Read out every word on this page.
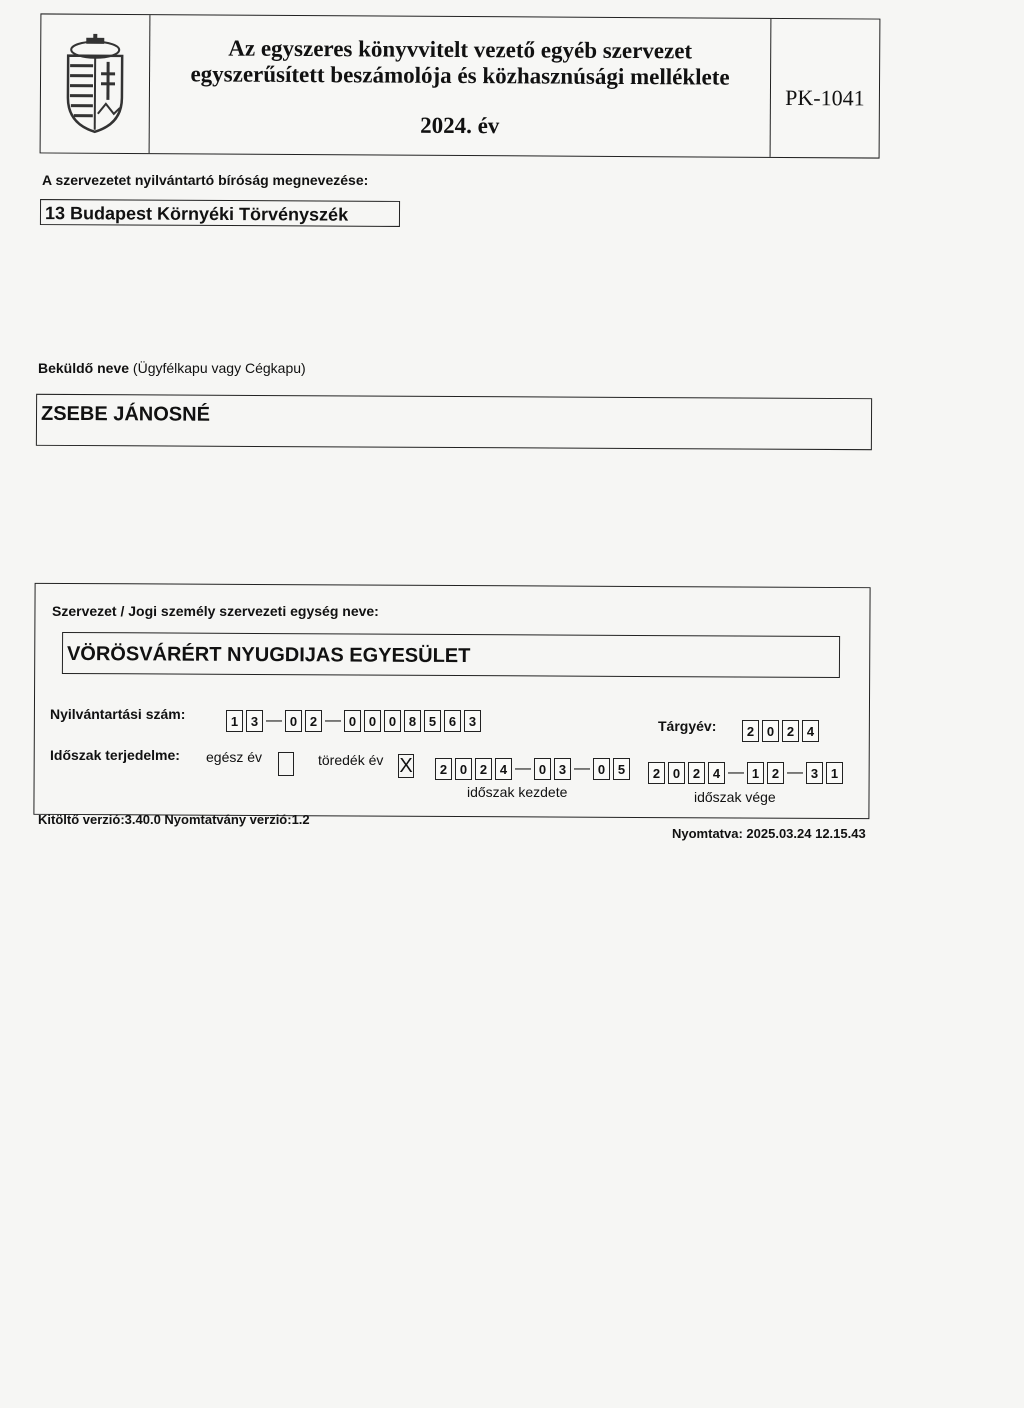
Az egyszeres könyvvitelt vezető egyéb szervezet
egyszerűsített beszámolója és közhasznúsági melléklete
2024. év
PK-1041
A szervezetet nyilvántartó bíróság megnevezése:
13 Budapest Környéki Törvényszék
Beküldő neve (Ügyfélkapu vagy Cégkapu)
ZSEBE JÁNOSNÉ
Szervezet / Jogi személy szervezeti egység neve:
VÖRÖSVÁRÉRT NYUGDIJAS EGYESÜLET
Nyilvántartási szám:	1 3 — 0 2 — 0 0 0 8 5 6 3	Tárgyév:	2 0 2 4
Időszak terjedelme: egész év	töredék év X	2 0 2 4 — 0 3 — 0 5
időszak kezdete
2 0 2 4 — 1 2 — 3 1
időszak vége
Kitöltő verzió:3.40.0 Nyomtatvány verzió:1.2
Nyomtatva: 2025.03.24 12.15.43
